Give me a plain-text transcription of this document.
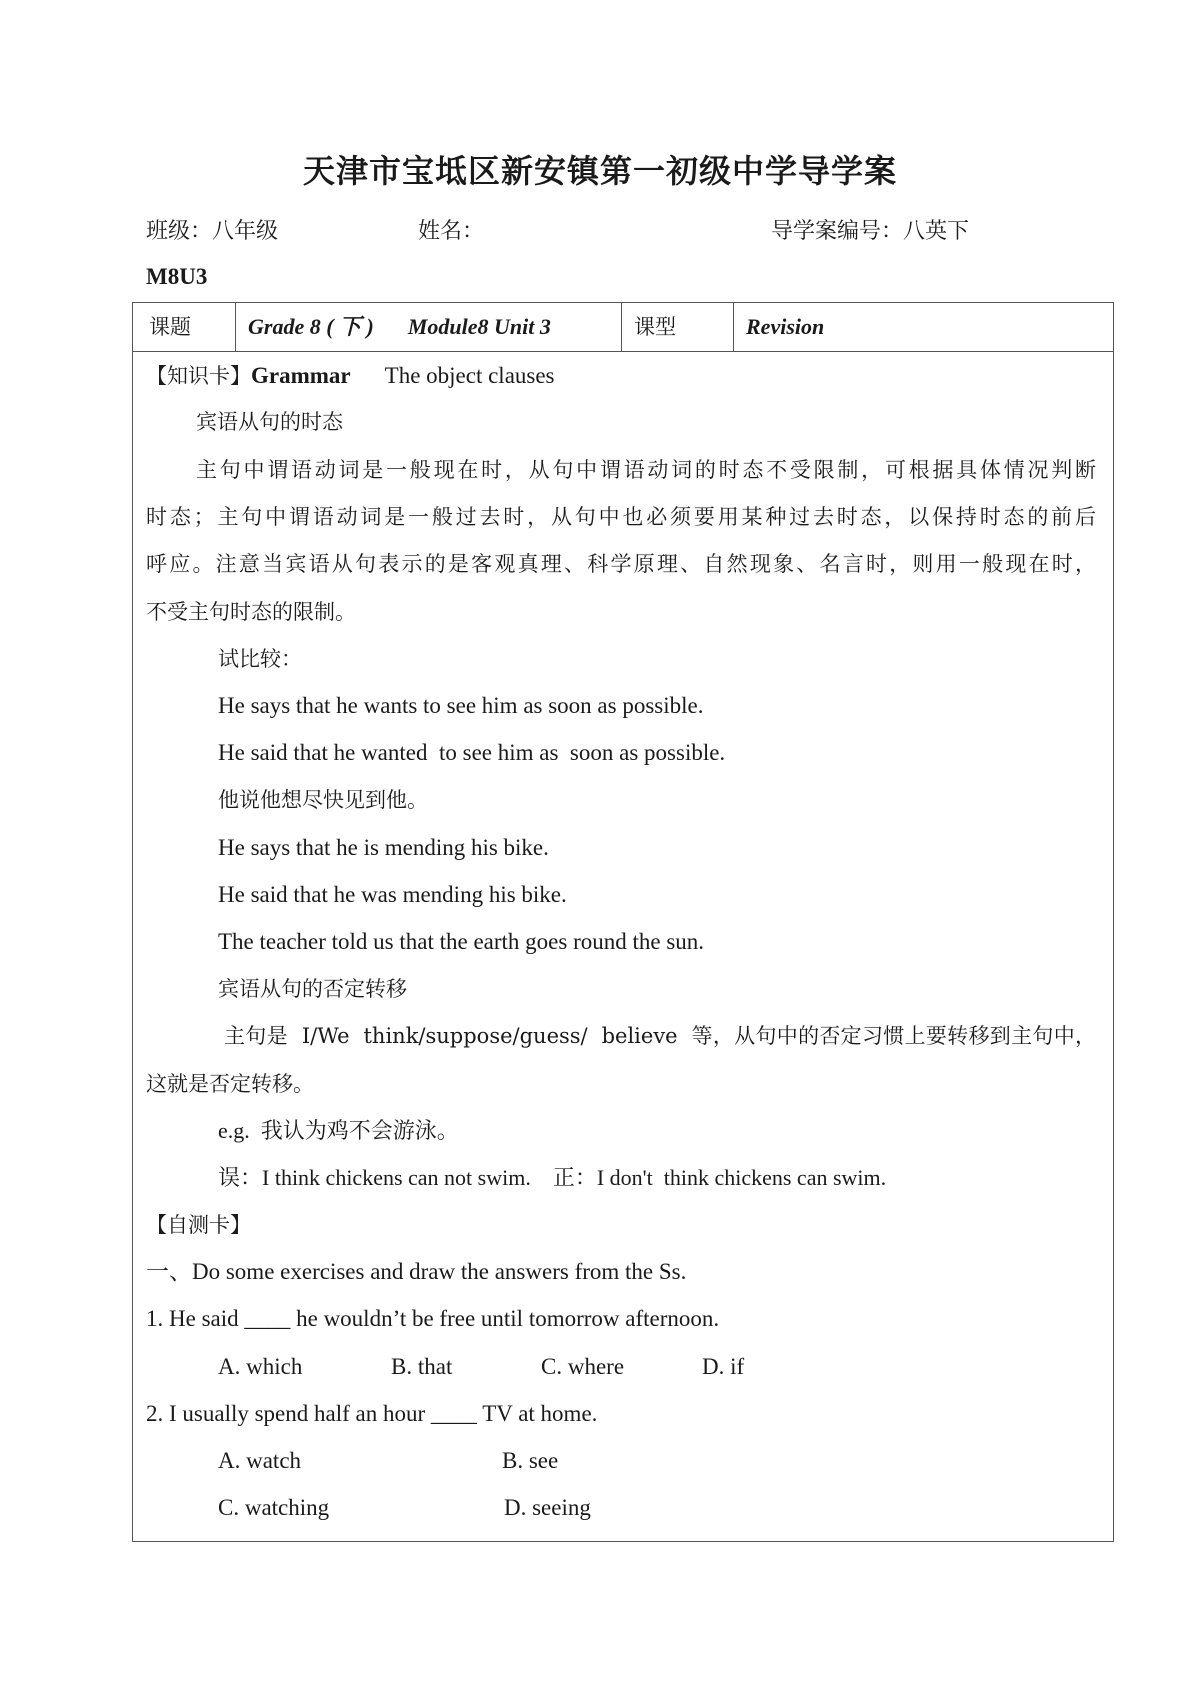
天津市宝坻区新安镇第一初级中学导学案
班级：八年级	姓名：	导学案编号：八英下
M8U3
课题	Grade 8 ( 下 ) Module8 Unit 3	课型	Revision
【知识卡】Grammar The object clauses
宾语从句的时态
主句中谓语动词是一般现在时，从句中谓语动词的时态不受限制，可根据具体情况判断
时态；主句中谓语动词是一般过去时，从句中也必须要用某种过去时态，以保持时态的前后
呼应。注意当宾语从句表示的是客观真理、科学原理、自然现象、名言时，则用一般现在时，
不受主句时态的限制。
试比较：
He says that he wants to see him as soon as possible.
He said that he wanted  to see him as  soon as possible.
他说他想尽快见到他。
He says that he is mending his bike.
He said that he was mending his bike.
The teacher told us that the earth goes round the sun.
宾语从句的否定转移
主句是  I/We  think/suppose/guess/  believe  等，从句中的否定习惯上要转移到主句中，
这就是否定转移。
e.g.  我认为鸡不会游泳。
误：I think chickens can not swim.    正：I don't  think chickens can swim.
【自测卡】
一、Do some exercises and draw the answers from the Ss.
1. He said ____ he wouldn’t be free until tomorrow afternoon.
A. which	B. that	C. where	D. if
2. I usually spend half an hour ____ TV at home.
A. watch	B. see
C. watching	D. seeing
